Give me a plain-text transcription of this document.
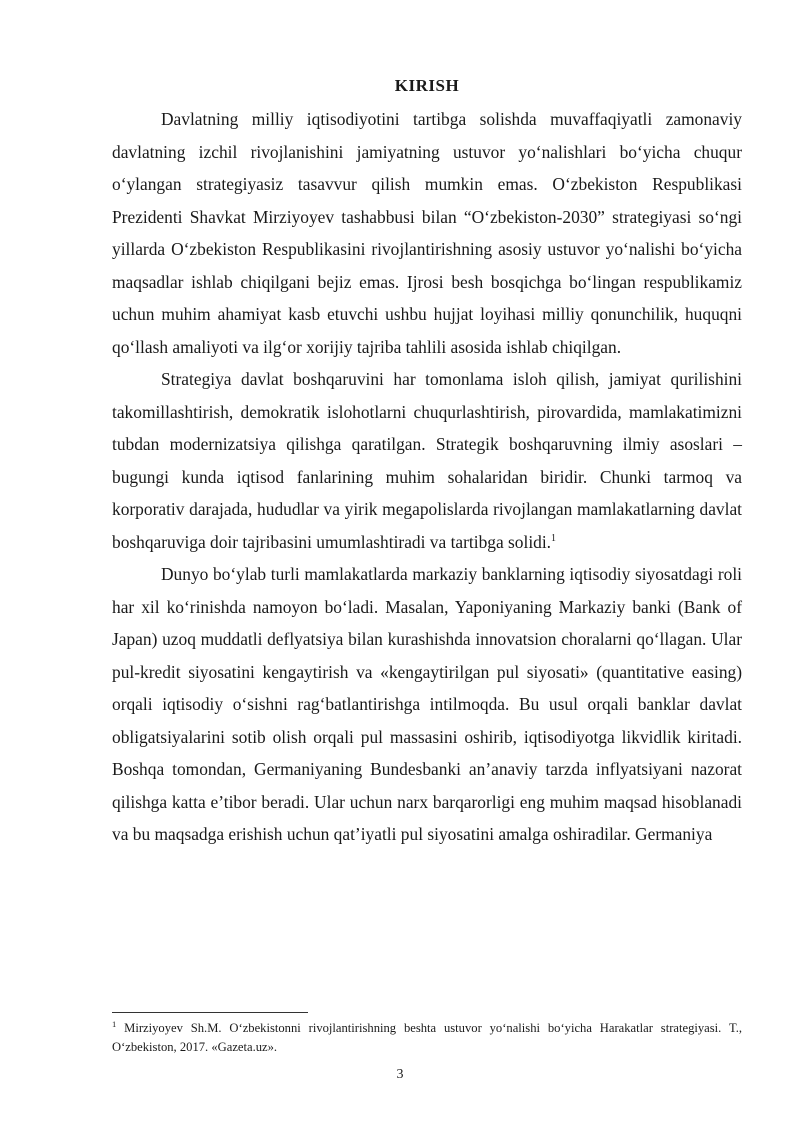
KIRISH

Davlatning milliy iqtisodiyotini tartibga solishda muvaffaqiyatli zamonaviy davlatning izchil rivojlanishini jamiyatning ustuvor yo‘nalishlari bo‘yicha chuqur o‘ylangan strategiyasiz tasavvur qilish mumkin emas. O‘zbekiston Respublikasi Prezidenti Shavkat Mirziyoyev tashabbusi bilan “O‘zbekiston-2030” strategiyasi so‘ngi yillarda O‘zbekiston Respublikasini rivojlantirishning asosiy ustuvor yo‘nalishi bo‘yicha maqsadlar ishlab chiqilgani bejiz emas. Ijrosi besh bosqichga bo‘lingan respublikamiz uchun muhim ahamiyat kasb etuvchi ushbu hujjat loyihasi milliy qonunchilik, huquqni qo‘llash amaliyoti va ilg‘or xorijiy tajriba tahlili asosida ishlab chiqilgan.

Strategiya davlat boshqaruvini har tomonlama isloh qilish, jamiyat qurilishini takomillashtirish, demokratik islohotlarni chuqurlashtirish, pirovardida, mamlakatimizni tubdan modernizatsiya qilishga qaratilgan. Strategik boshqaruvning ilmiy asoslari – bugungi kunda iqtisod fanlarining muhim sohalaridan biridir. Chunki tarmoq va korporativ darajada, hududlar va yirik megapolislarda rivojlangan mamlakatlarning davlat boshqaruviga doir tajribasini umumlashtiradi va tartibga solidi.$^1$

Dunyo bo‘ylab turli mamlakatlarda markaziy banklarning iqtisodiy siyosatdagi roli har xil ko‘rinishda namoyon bo‘ladi. Masalan, Yaponiyaning Markaziy banki (Bank of Japan) uzoq muddatli deflyatsiya bilan kurashishda innovatsion choralarni qo‘llagan. Ular pul-kredit siyosatini kengaytirish va «kengaytirilgan pul siyosati» (quantitative easing) orqali iqtisodiy o‘sishni rag‘batlantirishga intilmoqda. Bu usul orqali banklar davlat obligatsiyalarini sotib olish orqali pul massasini oshirib, iqtisodiyotga likvidlik kiritadi. Boshqa tomondan, Germaniyaning Bundesbanki an’anaviy tarzda inflyatsiyani nazorat qilishga katta e’tibor beradi. Ular uchun narx barqarorligi eng muhim maqsad hisoblanadi va bu maqsadga erishish uchun qat’iyatli pul siyosatini amalga oshiradilar. Germaniya

$^1$ Mirziyoyev Sh.M. O‘zbekistonni rivojlantirishning beshta ustuvor yo‘nalishi bo‘yicha Harakatlar strategiyasi. T., O‘zbekiston, 2017. «Gazeta.uz».
3
